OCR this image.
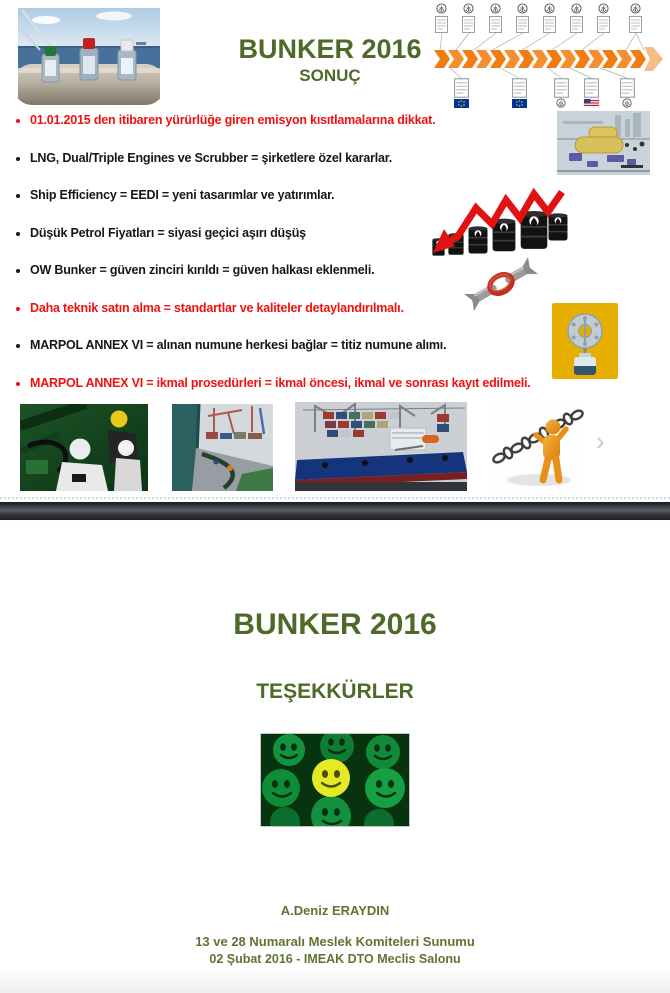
BUNKER 2016
SONUÇ
• 01.01.2015 den itibaren yürürlüğe giren emisyon kısıtlamalarına dikkat.
• LNG, Dual/Triple Engines ve Scrubber = şirketlere özel kararlar.
• Ship Efficiency = EEDI = yeni tasarımlar ve yatırımlar.
• Düşük Petrol Fiyatları = siyasi geçici aşırı düşüş
• OW Bunker = güven zinciri kırıldı = güven halkası eklenmeli.
• Daha teknik satın alma = standartlar ve kaliteler detaylandırılmalı.
• MARPOL ANNEX VI = alınan numune herkesi bağlar = titiz numune alımı.
• MARPOL ANNEX VI = ikmal prosedürleri = ikmal öncesi, ikmal ve sonrası kayıt edilmeli.
›
BUNKER 2016
TEŞEKKÜRLER
A.Deniz ERAYDIN
13 ve 28 Numaralı Meslek Komiteleri Sunumu
02 Şubat 2016 - IMEAK DTO Meclis Salonu
